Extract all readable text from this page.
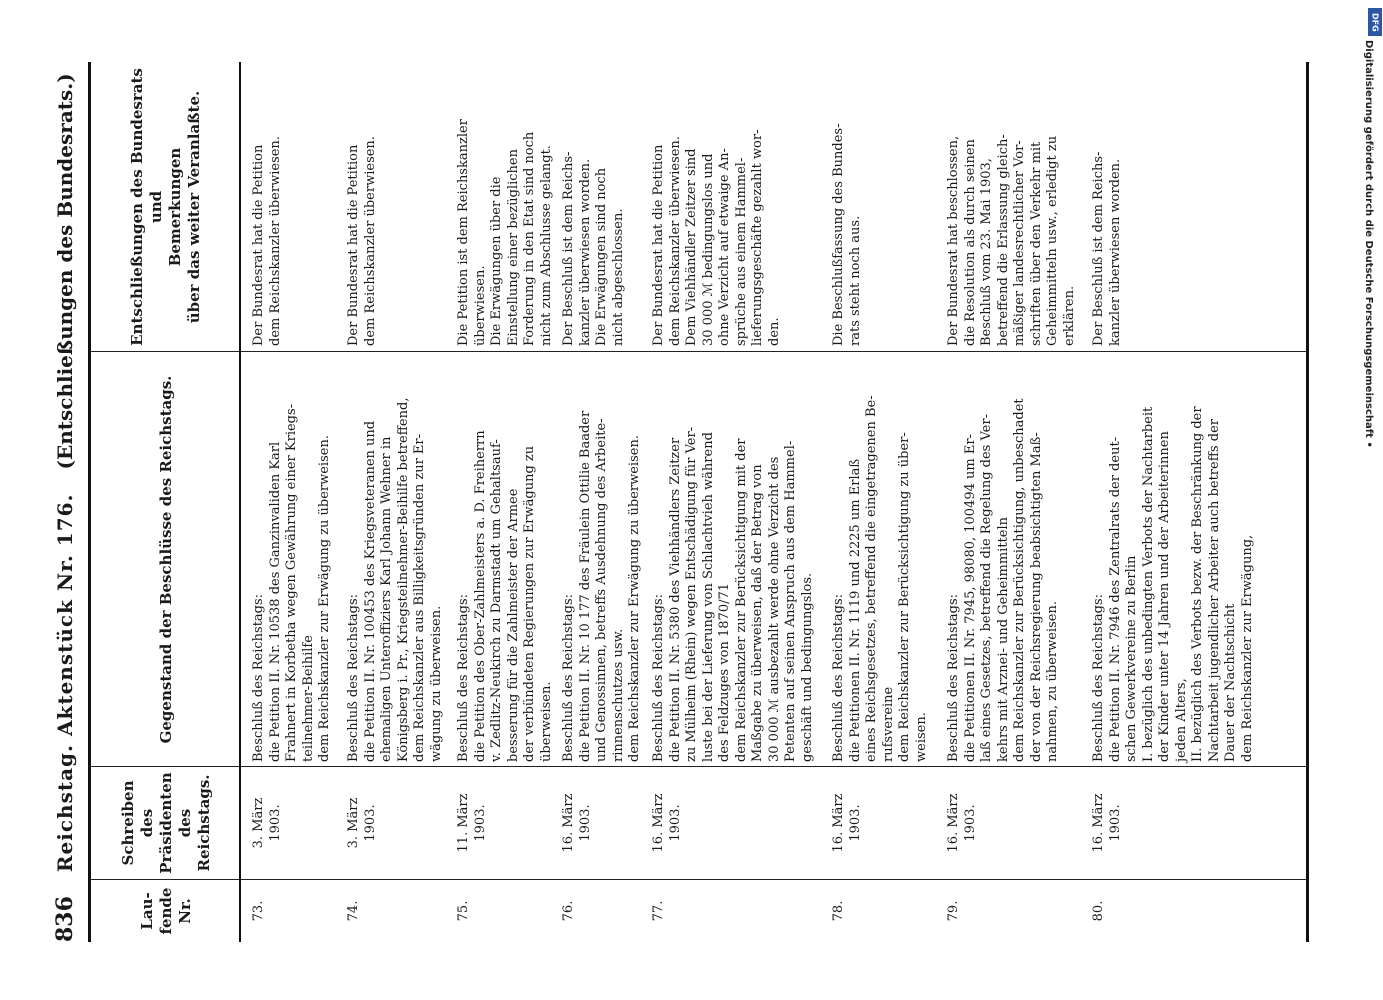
836
Reichstag. Aktenstück Nr. 176.
(Entschließungen des Bundesrats.)
Lau-
fende
Nr.
Schreiben
des
Präsidenten
des
Reichstags.
Gegenstand der Beschlüsse des Reichstags.
Entschließungen des Bundesrats
und
Bemerkungen
über das weiter Veranlaßte.
73.
3. März
1903.
Beschluß des Reichstags:
die Petition II. Nr. 10538 des Ganzinvaliden Karl
Frahnert in Korbetha wegen Gewährung einer Kriegs-
teilnehmer-Beihilfe
dem Reichskanzler zur Erwägung zu überweisen.
Der Bundesrat hat die Petition
dem Reichskanzler überwiesen.
74.
3. März
1903.
Beschluß des Reichstags:
die Petition II. Nr. 100453 des Kriegsveteranen und
ehemaligen Unteroffiziers Karl Johann Wehner in
Königsberg i. Pr., Kriegsteilnehmer-Beihilfe betreffend,
dem Reichskanzler aus Billigkeitsgründen zur Er-
wägung zu überweisen.
Der Bundesrat hat die Petition
dem Reichskanzler überwiesen.
75.
11. März
1903.
Beschluß des Reichstags:
die Petition des Ober-Zahlmeisters a. D. Freiherrn
v. Zedlitz-Neukirch zu Darmstadt um Gehaltsauf-
besserung für die Zahlmeister der Armee
der verbündeten Regierungen zur Erwägung zu
überweisen.
Die Petition ist dem Reichskanzler
überwiesen.
Die Erwägungen über die
Einstellung einer bezüglichen
Forderung in den Etat sind noch
nicht zum Abschlusse gelangt.
76.
16. März
1903.
Beschluß des Reichstags:
die Petition II. Nr. 10 177 des Fräulein Ottilie Baader
und Genossinnen, betreffs Ausdehnung des Arbeite-
rinnenschutzes usw.
dem Reichskanzler zur Erwägung zu überweisen.
Der Beschluß ist dem Reichs-
kanzler überwiesen worden.
Die Erwägungen sind noch
nicht abgeschlossen.
77.
16. März
1903.
Beschluß des Reichstags:
die Petition II. Nr. 5380 des Viehhändlers Zeitzer
zu Mülheim (Rhein) wegen Entschädigung für Ver-
luste bei der Lieferung von Schlachtvieh während
des Feldzuges von 1870/71
dem Reichskanzler zur Berücksichtigung mit der
Maßgabe zu überweisen, daß der Betrag von
30 000 ℳ ausbezahlt werde ohne Verzicht des
Petenten auf seinen Anspruch aus dem Hammel-
geschäft und bedingungslos.
Der Bundesrat hat die Petition
dem Reichskanzler überwiesen.
Dem Viehhändler Zeitzer sind
30 000 ℳ bedingungslos und
ohne Verzicht auf etwaige An-
sprüche aus einem Hammel-
lieferungsgeschäfte gezahlt wor-
den.
78.
16. März
1903.
Beschluß des Reichstags:
die Petitionen II. Nr. 1119 und 2225 um Erlaß
eines Reichsgesetzes, betreffend die eingetragenen Be-
rufsvereine
dem Reichskanzler zur Berücksichtigung zu über-
weisen.
Die Beschlußfassung des Bundes-
rats steht noch aus.
79.
16. März
1903.
Beschluß des Reichstags:
die Petitionen II. Nr. 7945, 98080, 100494 um Er-
laß eines Gesetzes, betreffend die Regelung des Ver-
kehrs mit Arznei- und Geheimmitteln
dem Reichskanzler zur Berücksichtigung, unbeschadet
der von der Reichsregierung beabsichtigten Maß-
nahmen, zu überweisen.
Der Bundesrat hat beschlossen,
die Resolution als durch seinen
Beschluß vom 23. Mai 1903,
betreffend die Erlassung gleich-
mäßiger landesrechtlicher Vor-
schriften über den Verkehr mit
Geheimmitteln usw., erledigt zu
erklären.
80.
16. März
1903.
Beschluß des Reichstags:
die Petition II. Nr. 7946 des Zentralrats der deut-
schen Gewerkvereine zu Berlin
I. bezüglich des unbedingten Verbots der Nachtarbeit
der Kinder unter 14 Jahren und der Arbeiterinnen
jeden Alters,
II. bezüglich des Verbots bezw. der Beschränkung der
Nachtarbeit jugendlicher Arbeiter auch betreffs der
Dauer der Nachtschicht
dem Reichskanzler zur Erwägung,
Der Beschluß ist dem Reichs-
kanzler überwiesen worden.
DFG
Digitalisierung gefördert durch die Deutsche Forschungsgemeinschaft •
